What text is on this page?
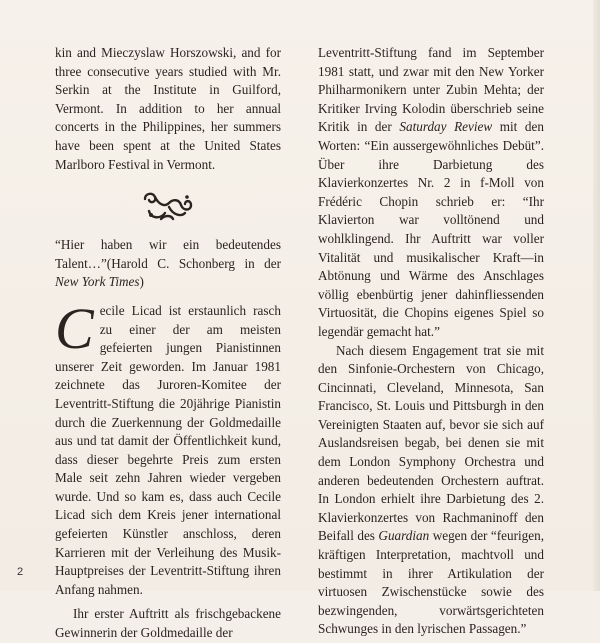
kin and Mieczyslaw Horszowski, and for three consecutive years studied with Mr. Serkin at the Institute in Guilford, Vermont. In addition to her annual concerts in the Philippines, her summers have been spent at the United States Marlboro Festival in Vermont.

“Hier haben wir ein bedeutendes Talent…”(Harold C. Schonberg in der New York Times)

C ecile Licad ist erstaunlich rasch zu einer der am meisten gefeierten jungen Pianistinnen unserer Zeit geworden. Im Januar 1981 zeichnete das Juroren-Komitee der Leventritt-Stiftung die 20jährige Pianistin durch die Zuerkennung der Goldmedaille aus und tat damit der Öffentlichkeit kund, dass dieser begehrte Preis zum ersten Male seit zehn Jahren wieder vergeben wurde. Und so kam es, dass auch Cecile Licad sich dem Kreis jener international gefeierten Künstler anschloss, deren Karrieren mit der Verleihung des Musik-Hauptpreises der Leventritt-Stiftung ihren Anfang nahmen.

Ihr erster Auftritt als frischgebackene Gewinnerin der Goldmedaille der

Leventritt-Stiftung fand im September 1981 statt, und zwar mit den New Yorker Philharmonikern unter Zubin Mehta; der Kritiker Irving Kolodin überschrieb seine Kritik in der Saturday Review mit den Worten: “Ein aussergewöhnliches Debüt”. Über ihre Darbietung des Klavierkonzertes Nr. 2 in f-Moll von Frédéric Chopin schrieb er: “Ihr Klavierton war volltönend und wohlklingend. Ihr Auftritt war voller Vitalität und musikalischer Kraft—in Abtönung und Wärme des Anschlages völlig ebenbürtig jener dahinfliessenden Virtuosität, die Chopins eigenes Spiel so legendär gemacht hat.”

Nach diesem Engagement trat sie mit den Sinfonie-Orchestern von Chicago, Cincinnati, Cleveland, Minnesota, San Francisco, St. Louis und Pittsburgh in den Vereinigten Staaten auf, bevor sie sich auf Auslandsreisen begab, bei denen sie mit dem London Symphony Orchestra und anderen bedeutenden Orchestern auftrat. In London erhielt ihre Darbietung des 2. Klavierkonzertes von Rachmaninoff den Beifall des Guardian wegen der “feurigen, kräftigen Interpretation, machtvoll und bestimmt in ihrer Artikulation der virtuosen Zwischenstücke sowie des bezwingenden, vorwärtsgerichteten Schwunges in den lyrischen Passagen.”

2
